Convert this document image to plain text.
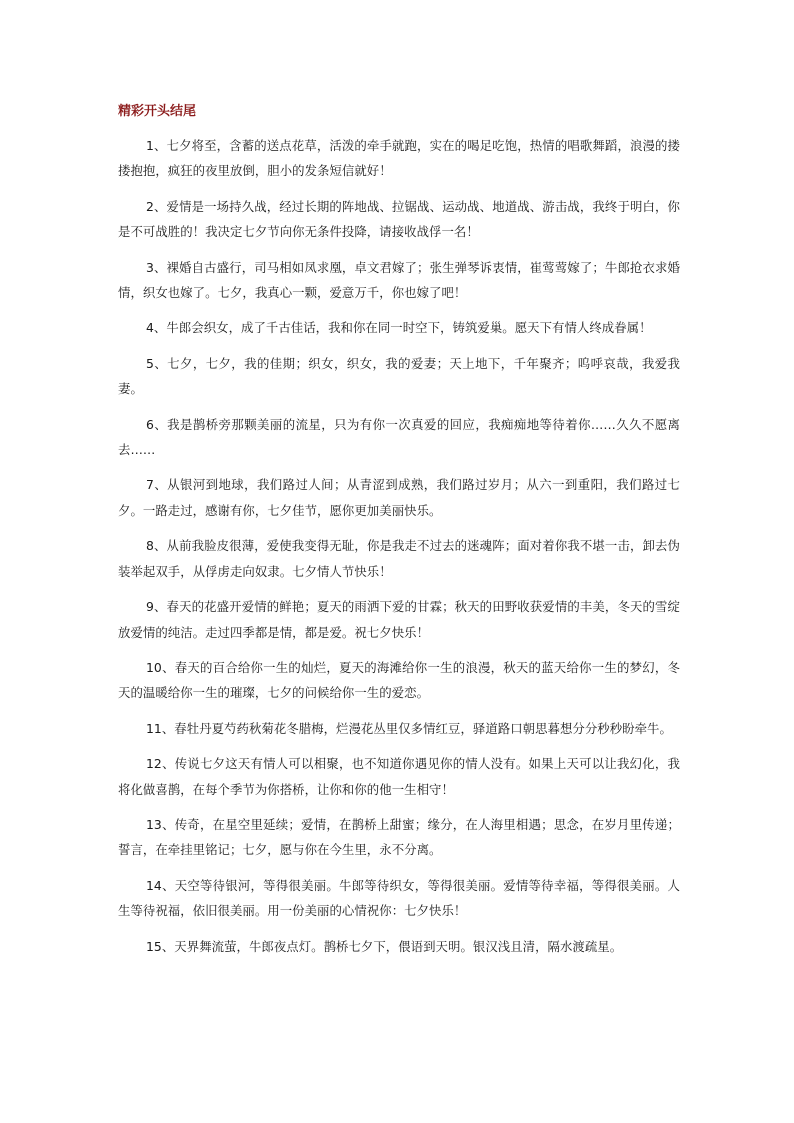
精彩开头结尾

1、七夕将至，含蓄的送点花草，活泼的牵手就跑，实在的喝足吃饱，热情的唱歌舞蹈，浪漫的搂搂抱抱，疯狂的夜里放倒，胆小的发条短信就好！

2、爱情是一场持久战，经过长期的阵地战、拉锯战、运动战、地道战、游击战，我终于明白，你是不可战胜的！我决定七夕节向你无条件投降，请接收战俘一名！

3、裸婚自古盛行，司马相如凤求凰，卓文君嫁了；张生弹琴诉衷情，崔莺莺嫁了；牛郎抢衣求婚情，织女也嫁了。七夕，我真心一颗，爱意万千，你也嫁了吧！

4、牛郎会织女，成了千古佳话，我和你在同一时空下，铸筑爱巢。愿天下有情人终成眷属！

5、七夕，七夕，我的佳期；织女，织女，我的爱妻；天上地下，千年聚齐；呜呼哀哉，我爱我妻。

6、我是鹊桥旁那颗美丽的流星，只为有你一次真爱的回应，我痴痴地等待着你……久久不愿离去……

7、从银河到地球，我们路过人间；从青涩到成熟，我们路过岁月；从六一到重阳，我们路过七夕。一路走过，感谢有你，七夕佳节，愿你更加美丽快乐。

8、从前我脸皮很薄，爱使我变得无耻，你是我走不过去的迷魂阵；面对着你我不堪一击，卸去伪装举起双手，从俘虏走向奴隶。七夕情人节快乐！

9、春天的花盛开爱情的鲜艳；夏天的雨洒下爱的甘霖；秋天的田野收获爱情的丰美，冬天的雪绽放爱情的纯洁。走过四季都是情，都是爱。祝七夕快乐！

10、春天的百合给你一生的灿烂，夏天的海滩给你一生的浪漫，秋天的蓝天给你一生的梦幻，冬天的温暖给你一生的璀璨，七夕的问候给你一生的爱恋。

11、春牡丹夏芍药秋菊花冬腊梅，烂漫花丛里仅多情红豆，驿道路口朝思暮想分分秒秒盼牵牛。

12、传说七夕这天有情人可以相聚，也不知道你遇见你的情人没有。如果上天可以让我幻化，我将化做喜鹊，在每个季节为你搭桥，让你和你的他一生相守！

13、传奇，在星空里延续；爱情，在鹊桥上甜蜜；缘分，在人海里相遇；思念，在岁月里传递；誓言，在牵挂里铭记；七夕，愿与你在今生里，永不分离。

14、天空等待银河，等得很美丽。牛郎等待织女，等得很美丽。爱情等待幸福，等得很美丽。人生等待祝福，依旧很美丽。用一份美丽的心情祝你：七夕快乐！

15、天界舞流萤，牛郎夜点灯。鹊桥七夕下，偎语到天明。银汉浅且清，隔水渡疏星。
